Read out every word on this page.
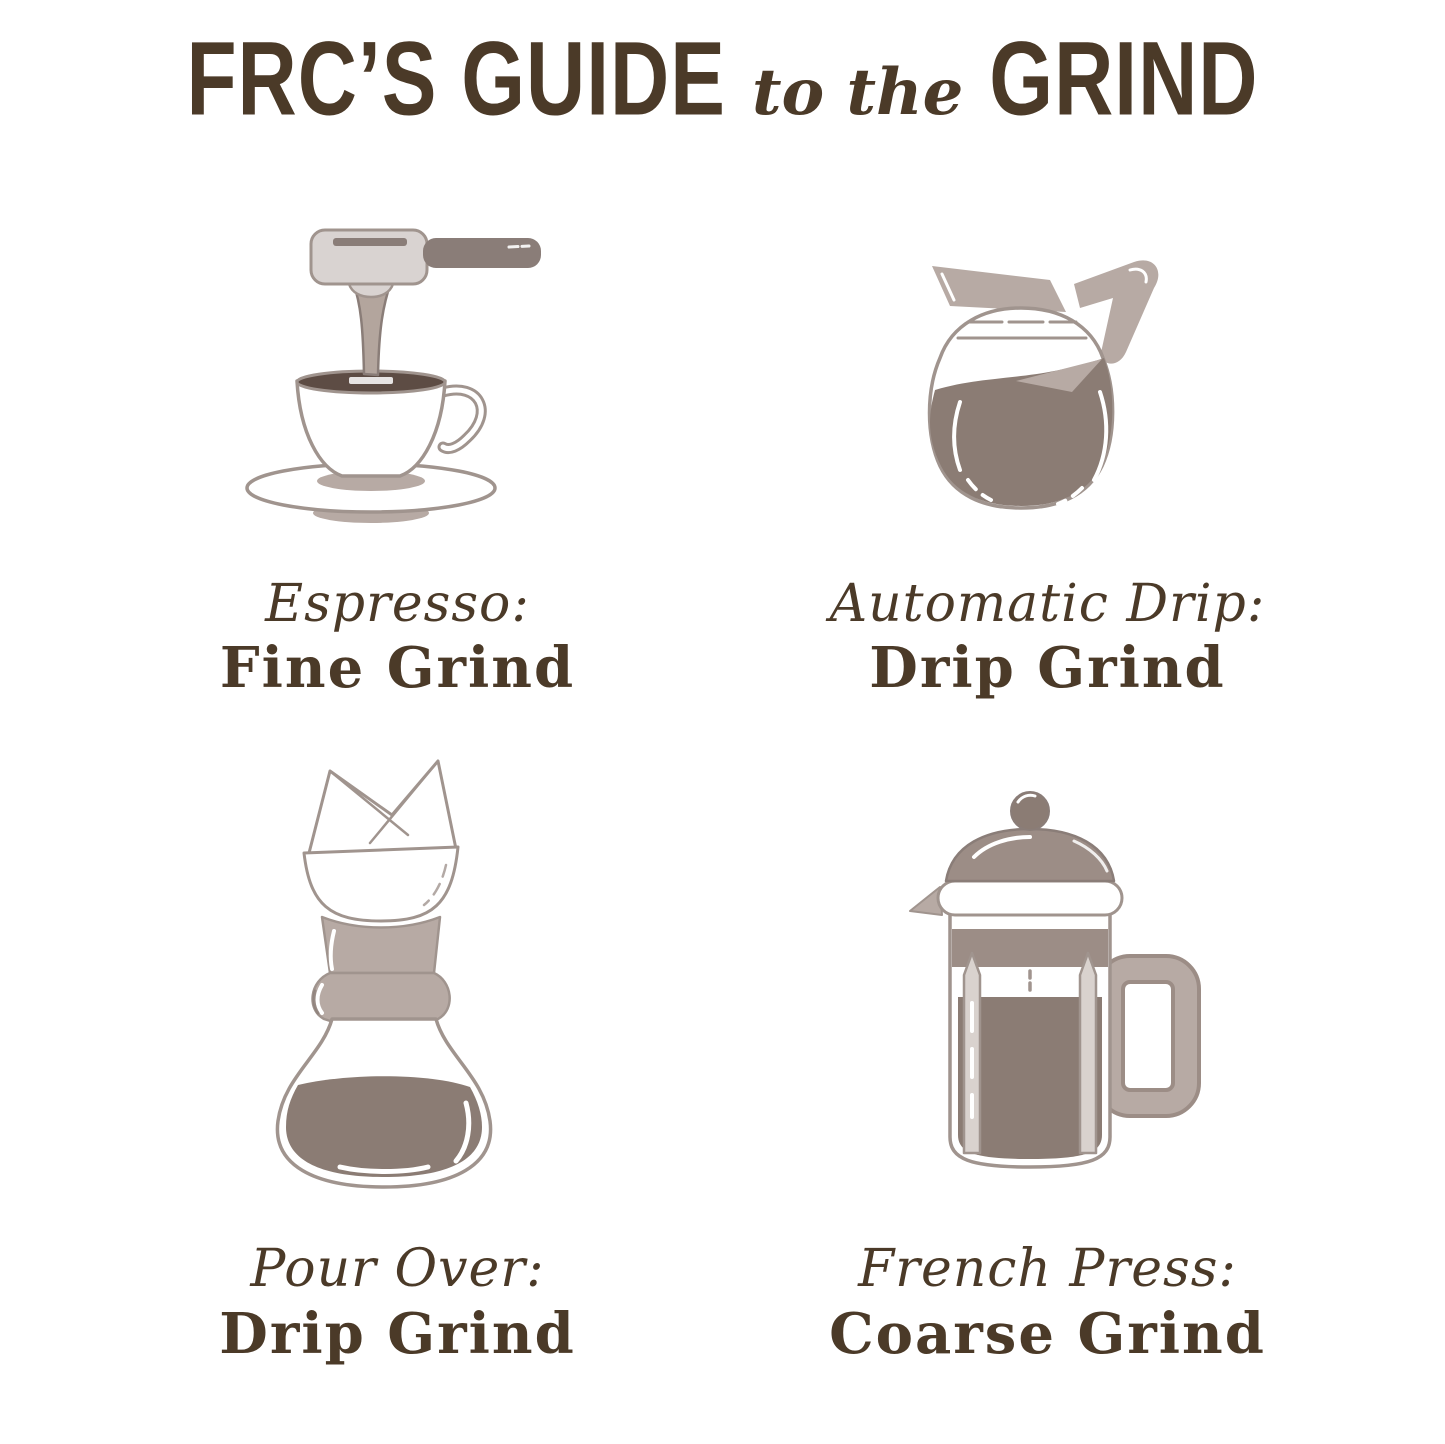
FRC’S GUIDE to the GRIND
Espresso:
Fine Grind
Automatic Drip:
Drip Grind
Pour Over:
Drip Grind
French Press:
Coarse Grind
